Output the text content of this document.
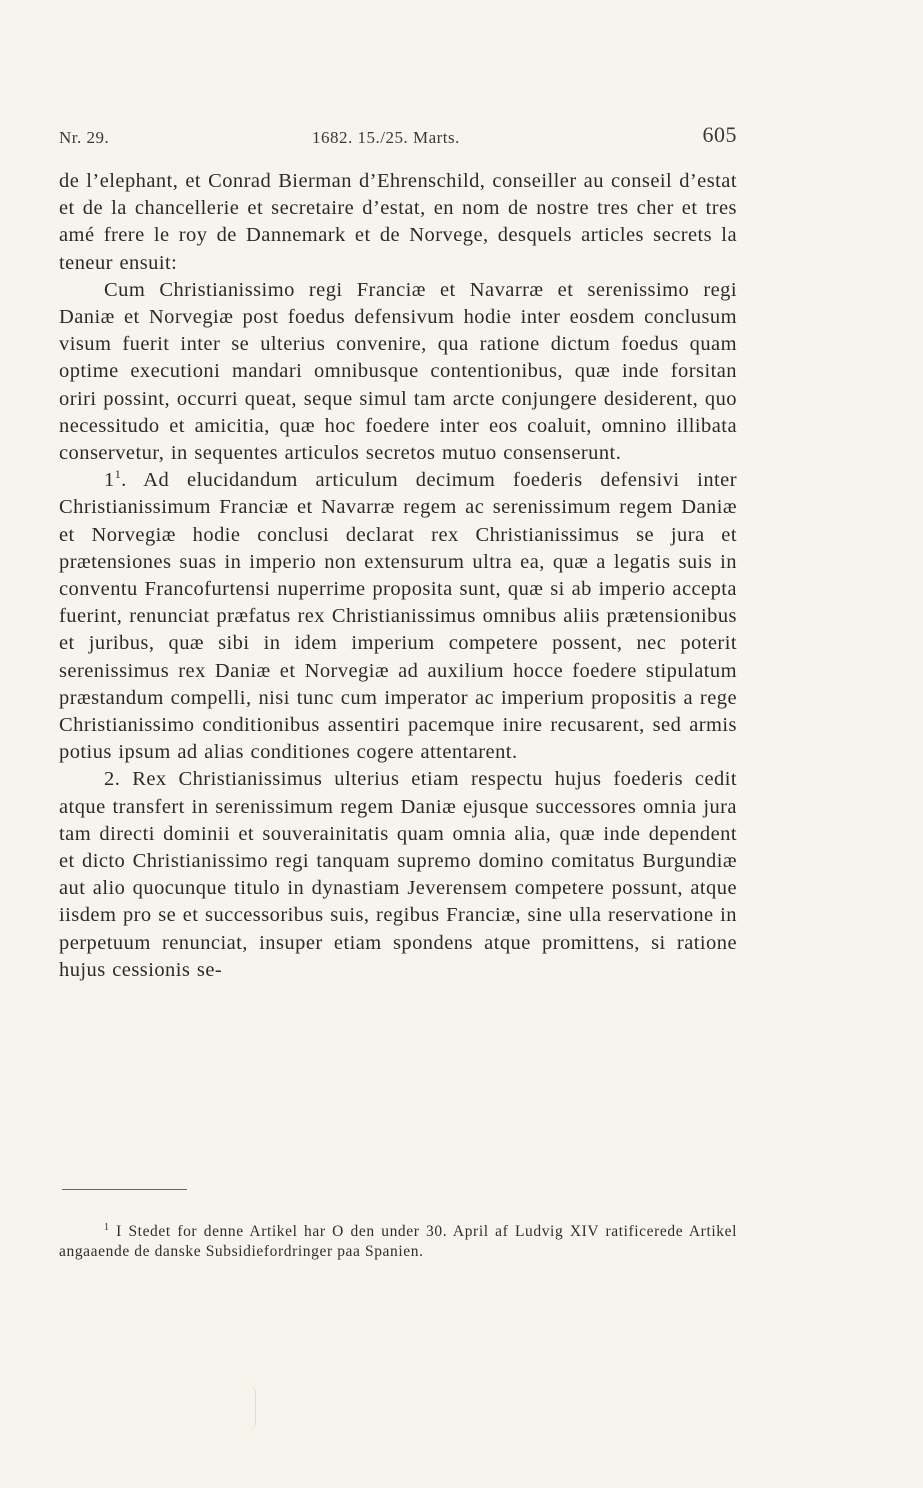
Nr. 29.	1682. 15./25. Marts.	605

de l’elephant, et Conrad Bierman d’Ehrenschild, conseiller au conseil d’estat et de la chancellerie et secretaire d’estat, en nom de nostre tres cher et tres amé frere le roy de Dannemark et de Norvege, desquels articles secrets la teneur ensuit:

Cum Christianissimo regi Franciæ et Navarræ et serenissimo regi Daniæ et Norvegiæ post foedus defensivum hodie inter eosdem conclusum visum fuerit inter se ulterius convenire, qua ratione dictum foedus quam optime executioni mandari omnibusque contentionibus, quæ inde forsitan oriri possint, occurri queat, seque simul tam arcte conjungere desiderent, quo necessitudo et amicitia, quæ hoc foedere inter eos coaluit, omnino illibata conservetur, in sequentes articulos secretos mutuo consenserunt.

1$^1$. Ad elucidandum articulum decimum foederis defensivi inter Christianissimum Franciæ et Navarræ regem ac serenissimum regem Daniæ et Norvegiæ hodie conclusi declarat rex Christianissimus se jura et prætensiones suas in imperio non extensurum ultra ea, quæ a legatis suis in conventu Francofurtensi nuperrime proposita sunt, quæ si ab imperio accepta fuerint, renunciat præfatus rex Christianissimus omnibus aliis prætensionibus et juribus, quæ sibi in idem imperium competere possent, nec poterit serenissimus rex Daniæ et Norvegiæ ad auxilium hocce foedere stipulatum præstandum compelli, nisi tunc cum imperator ac imperium propositis a rege Christianissimo conditionibus assentiri pacemque inire recusarent, sed armis potius ipsum ad alias conditiones cogere attentarent.

2. Rex Christianissimus ulterius etiam respectu hujus foederis cedit atque transfert in serenissimum regem Daniæ ejusque successores omnia jura tam directi dominii et souverainitatis quam omnia alia, quæ inde dependent et dicto Christianissimo regi tanquam supremo domino comitatus Burgundiæ aut alio quocunque titulo in dynastiam Jeverensem competere possunt, atque iisdem pro se et successoribus suis, regibus Franciæ, sine ulla reservatione in perpetuum renunciat, insuper etiam spondens atque promittens, si ratione hujus cessionis se-

$^1$ I Stedet for denne Artikel har O den under 30. April af Ludvig XIV ratificerede Artikel angaaende de danske Subsidiefordringer paa Spanien.
